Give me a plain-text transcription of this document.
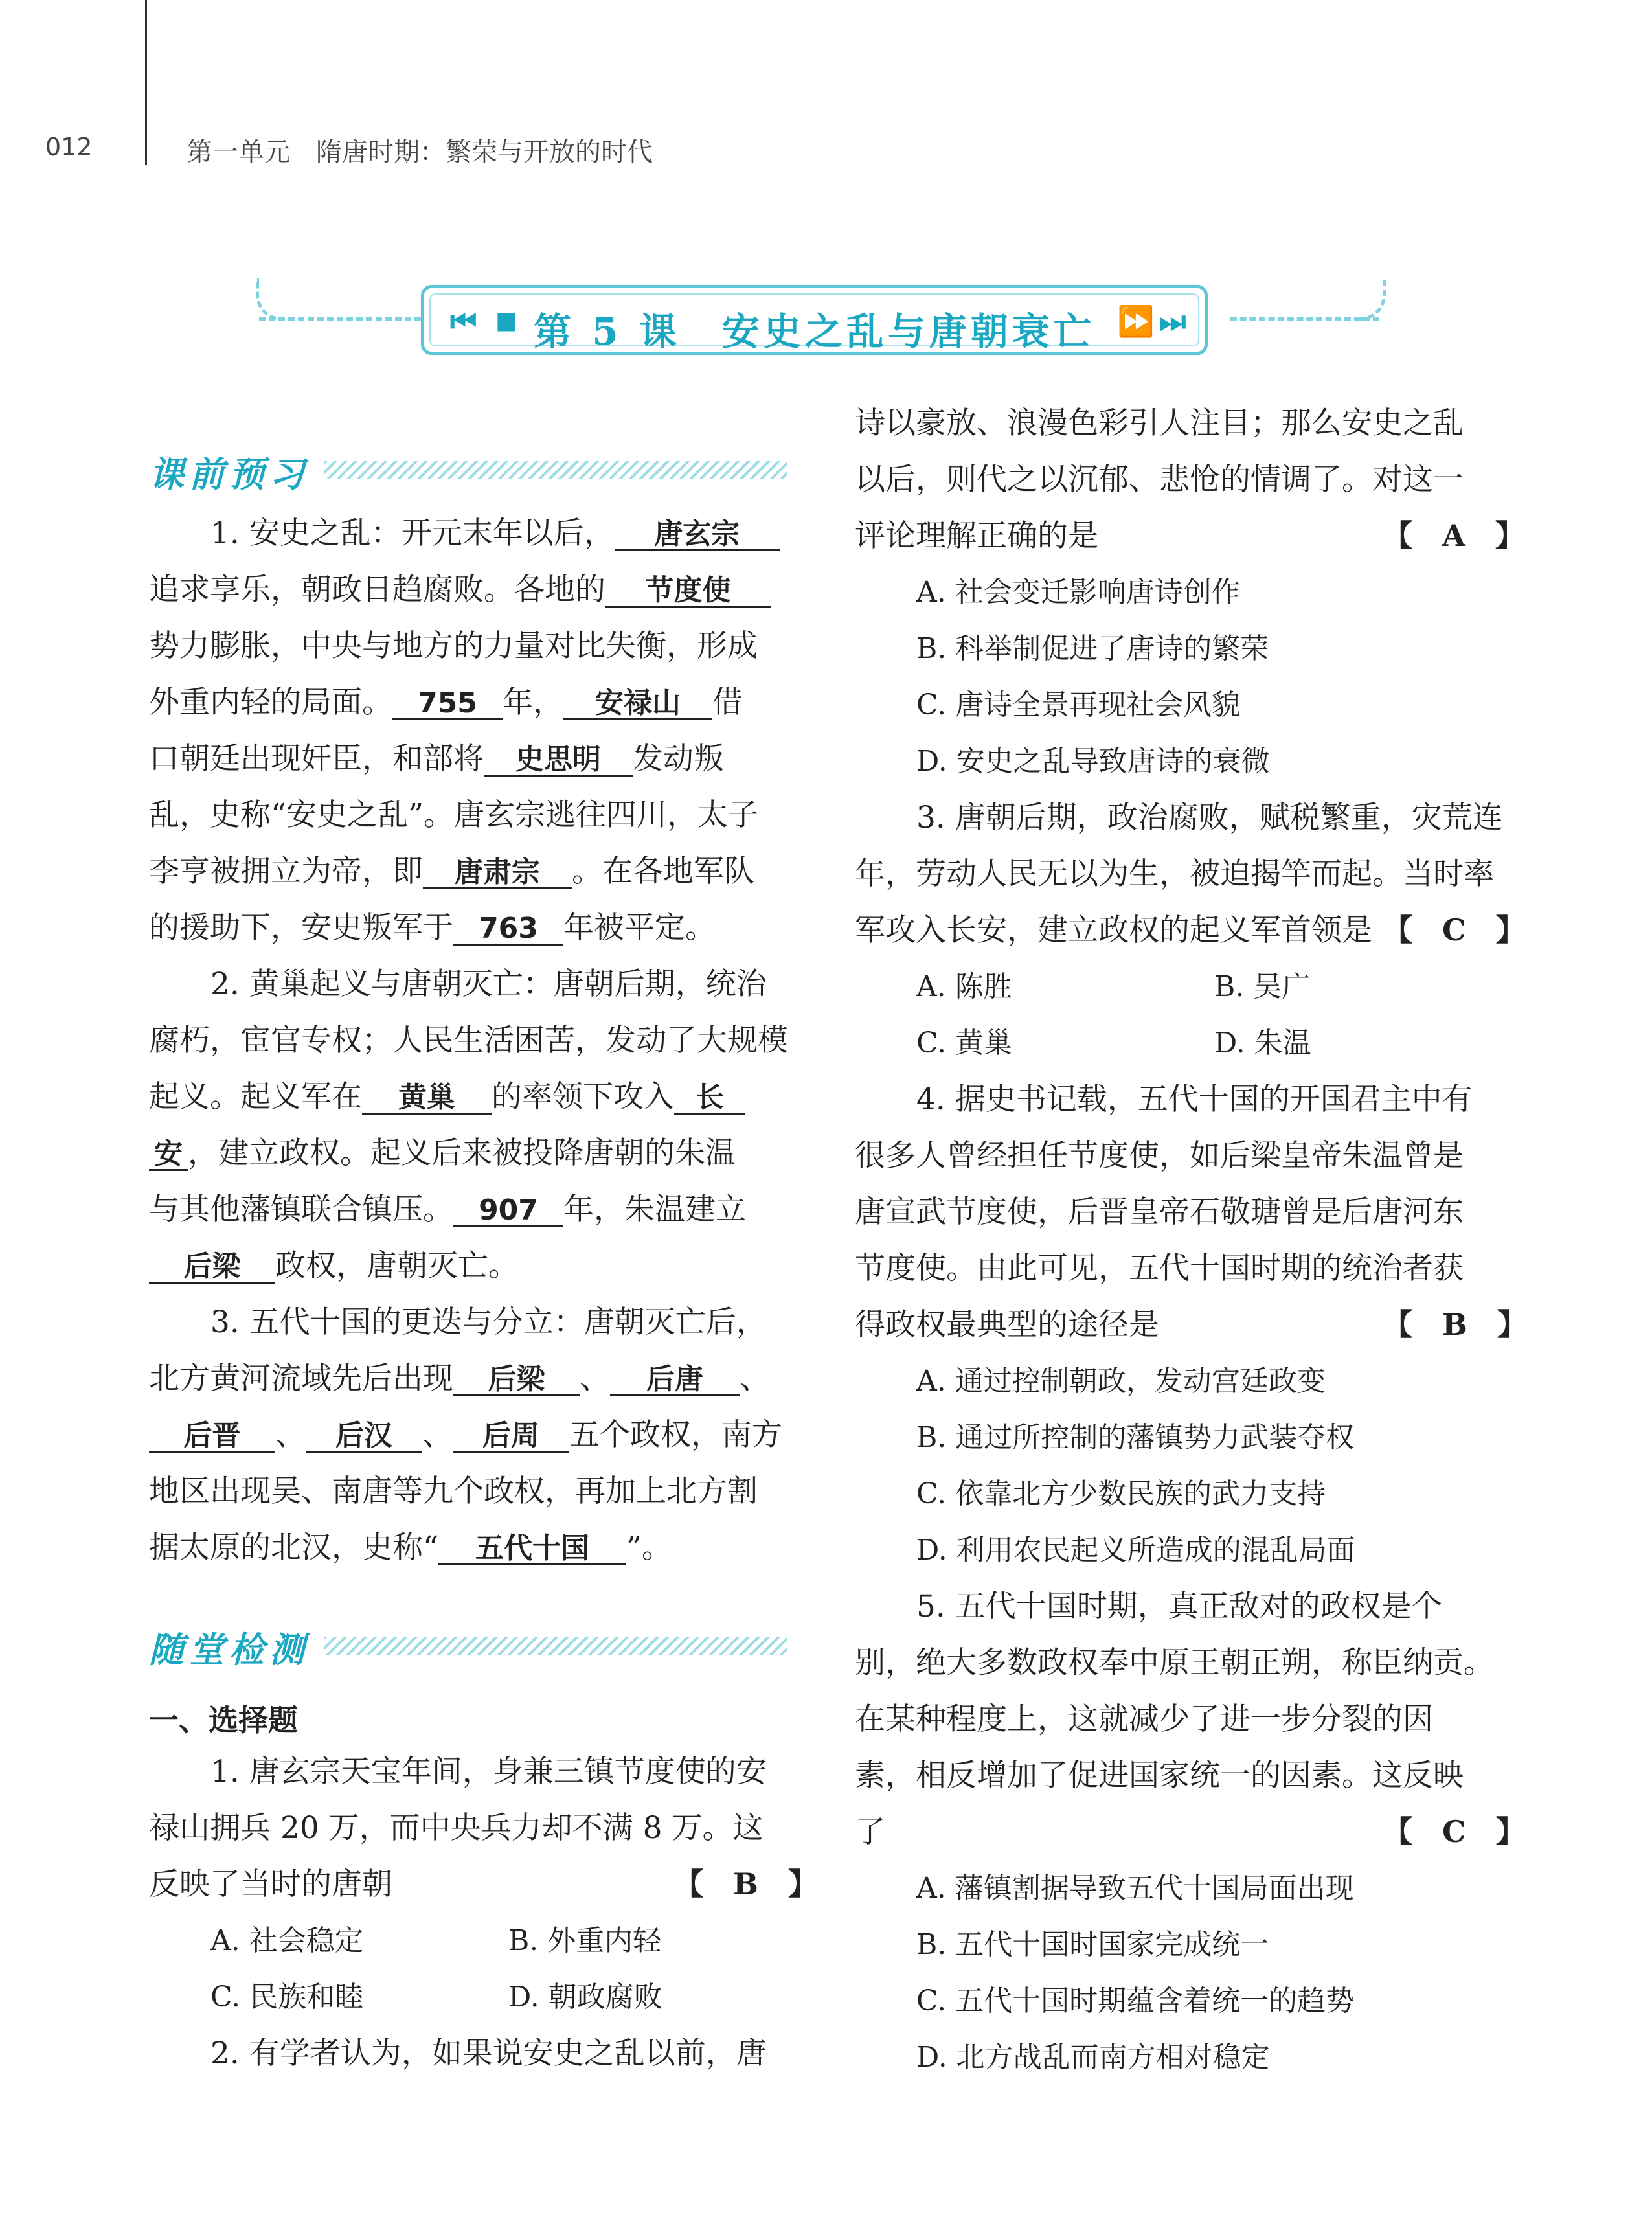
012	第一单元　隋唐时期：繁荣与开放的时代
⏮ ■ 第 5 课　安史之乱与唐朝衰亡 ⏩ ⏭
课前预习
1. 安史之乱：开元末年以后， 唐玄宗
追求享乐，朝政日趋腐败。各地的 节度使
势力膨胀，中央与地方的力量对比失衡，形成
外重内轻的局面。 755 年， 安禄山 借
口朝廷出现奸臣，和部将 史思明 发动叛
乱，史称“安史之乱”。唐玄宗逃往四川，太子
李亨被拥立为帝，即 唐肃宗 。在各地军队
的援助下，安史叛军于 763 年被平定。
2. 黄巢起义与唐朝灭亡：唐朝后期，统治
腐朽，宦官专权；人民生活困苦，发动了大规模
起义。起义军在 黄巢 的率领下攻入 长
安 ，建立政权。起义后来被投降唐朝的朱温
与其他藩镇联合镇压。 907 年，朱温建立
后梁 政权，唐朝灭亡。
3. 五代十国的更迭与分立：唐朝灭亡后，
北方黄河流域先后出现 后梁 、 后唐 、
后晋 、 后汉 、 后周 五个政权，南方
地区出现吴、南唐等九个政权，再加上北方割
据太原的北汉，史称“ 五代十国 ”。
随堂检测
一、选择题
1. 唐玄宗天宝年间，身兼三镇节度使的安
禄山拥兵 20 万，而中央兵力却不满 8 万。这
反映了当时的唐朝	【　B　】
A. 社会稳定	B. 外重内轻
C. 民族和睦	D. 朝政腐败
2. 有学者认为，如果说安史之乱以前，唐
诗以豪放、浪漫色彩引人注目；那么安史之乱
以后，则代之以沉郁、悲怆的情调了。对这一
评论理解正确的是	【　A　】
A. 社会变迁影响唐诗创作
B. 科举制促进了唐诗的繁荣
C. 唐诗全景再现社会风貌
D. 安史之乱导致唐诗的衰微
3. 唐朝后期，政治腐败，赋税繁重，灾荒连
年，劳动人民无以为生，被迫揭竿而起。当时率
军攻入长安，建立政权的起义军首领是 【　C　】
A. 陈胜	B. 吴广
C. 黄巢	D. 朱温
4. 据史书记载，五代十国的开国君主中有
很多人曾经担任节度使，如后梁皇帝朱温曾是
唐宣武节度使，后晋皇帝石敬瑭曾是后唐河东
节度使。由此可见，五代十国时期的统治者获
得政权最典型的途径是	【　B　】
A. 通过控制朝政，发动宫廷政变
B. 通过所控制的藩镇势力武装夺权
C. 依靠北方少数民族的武力支持
D. 利用农民起义所造成的混乱局面
5. 五代十国时期，真正敌对的政权是个
别，绝大多数政权奉中原王朝正朔，称臣纳贡。
在某种程度上，这就减少了进一步分裂的因
素，相反增加了促进国家统一的因素。这反映
了	【　C　】
A. 藩镇割据导致五代十国局面出现
B. 五代十国时国家完成统一
C. 五代十国时期蕴含着统一的趋势
D. 北方战乱而南方相对稳定
